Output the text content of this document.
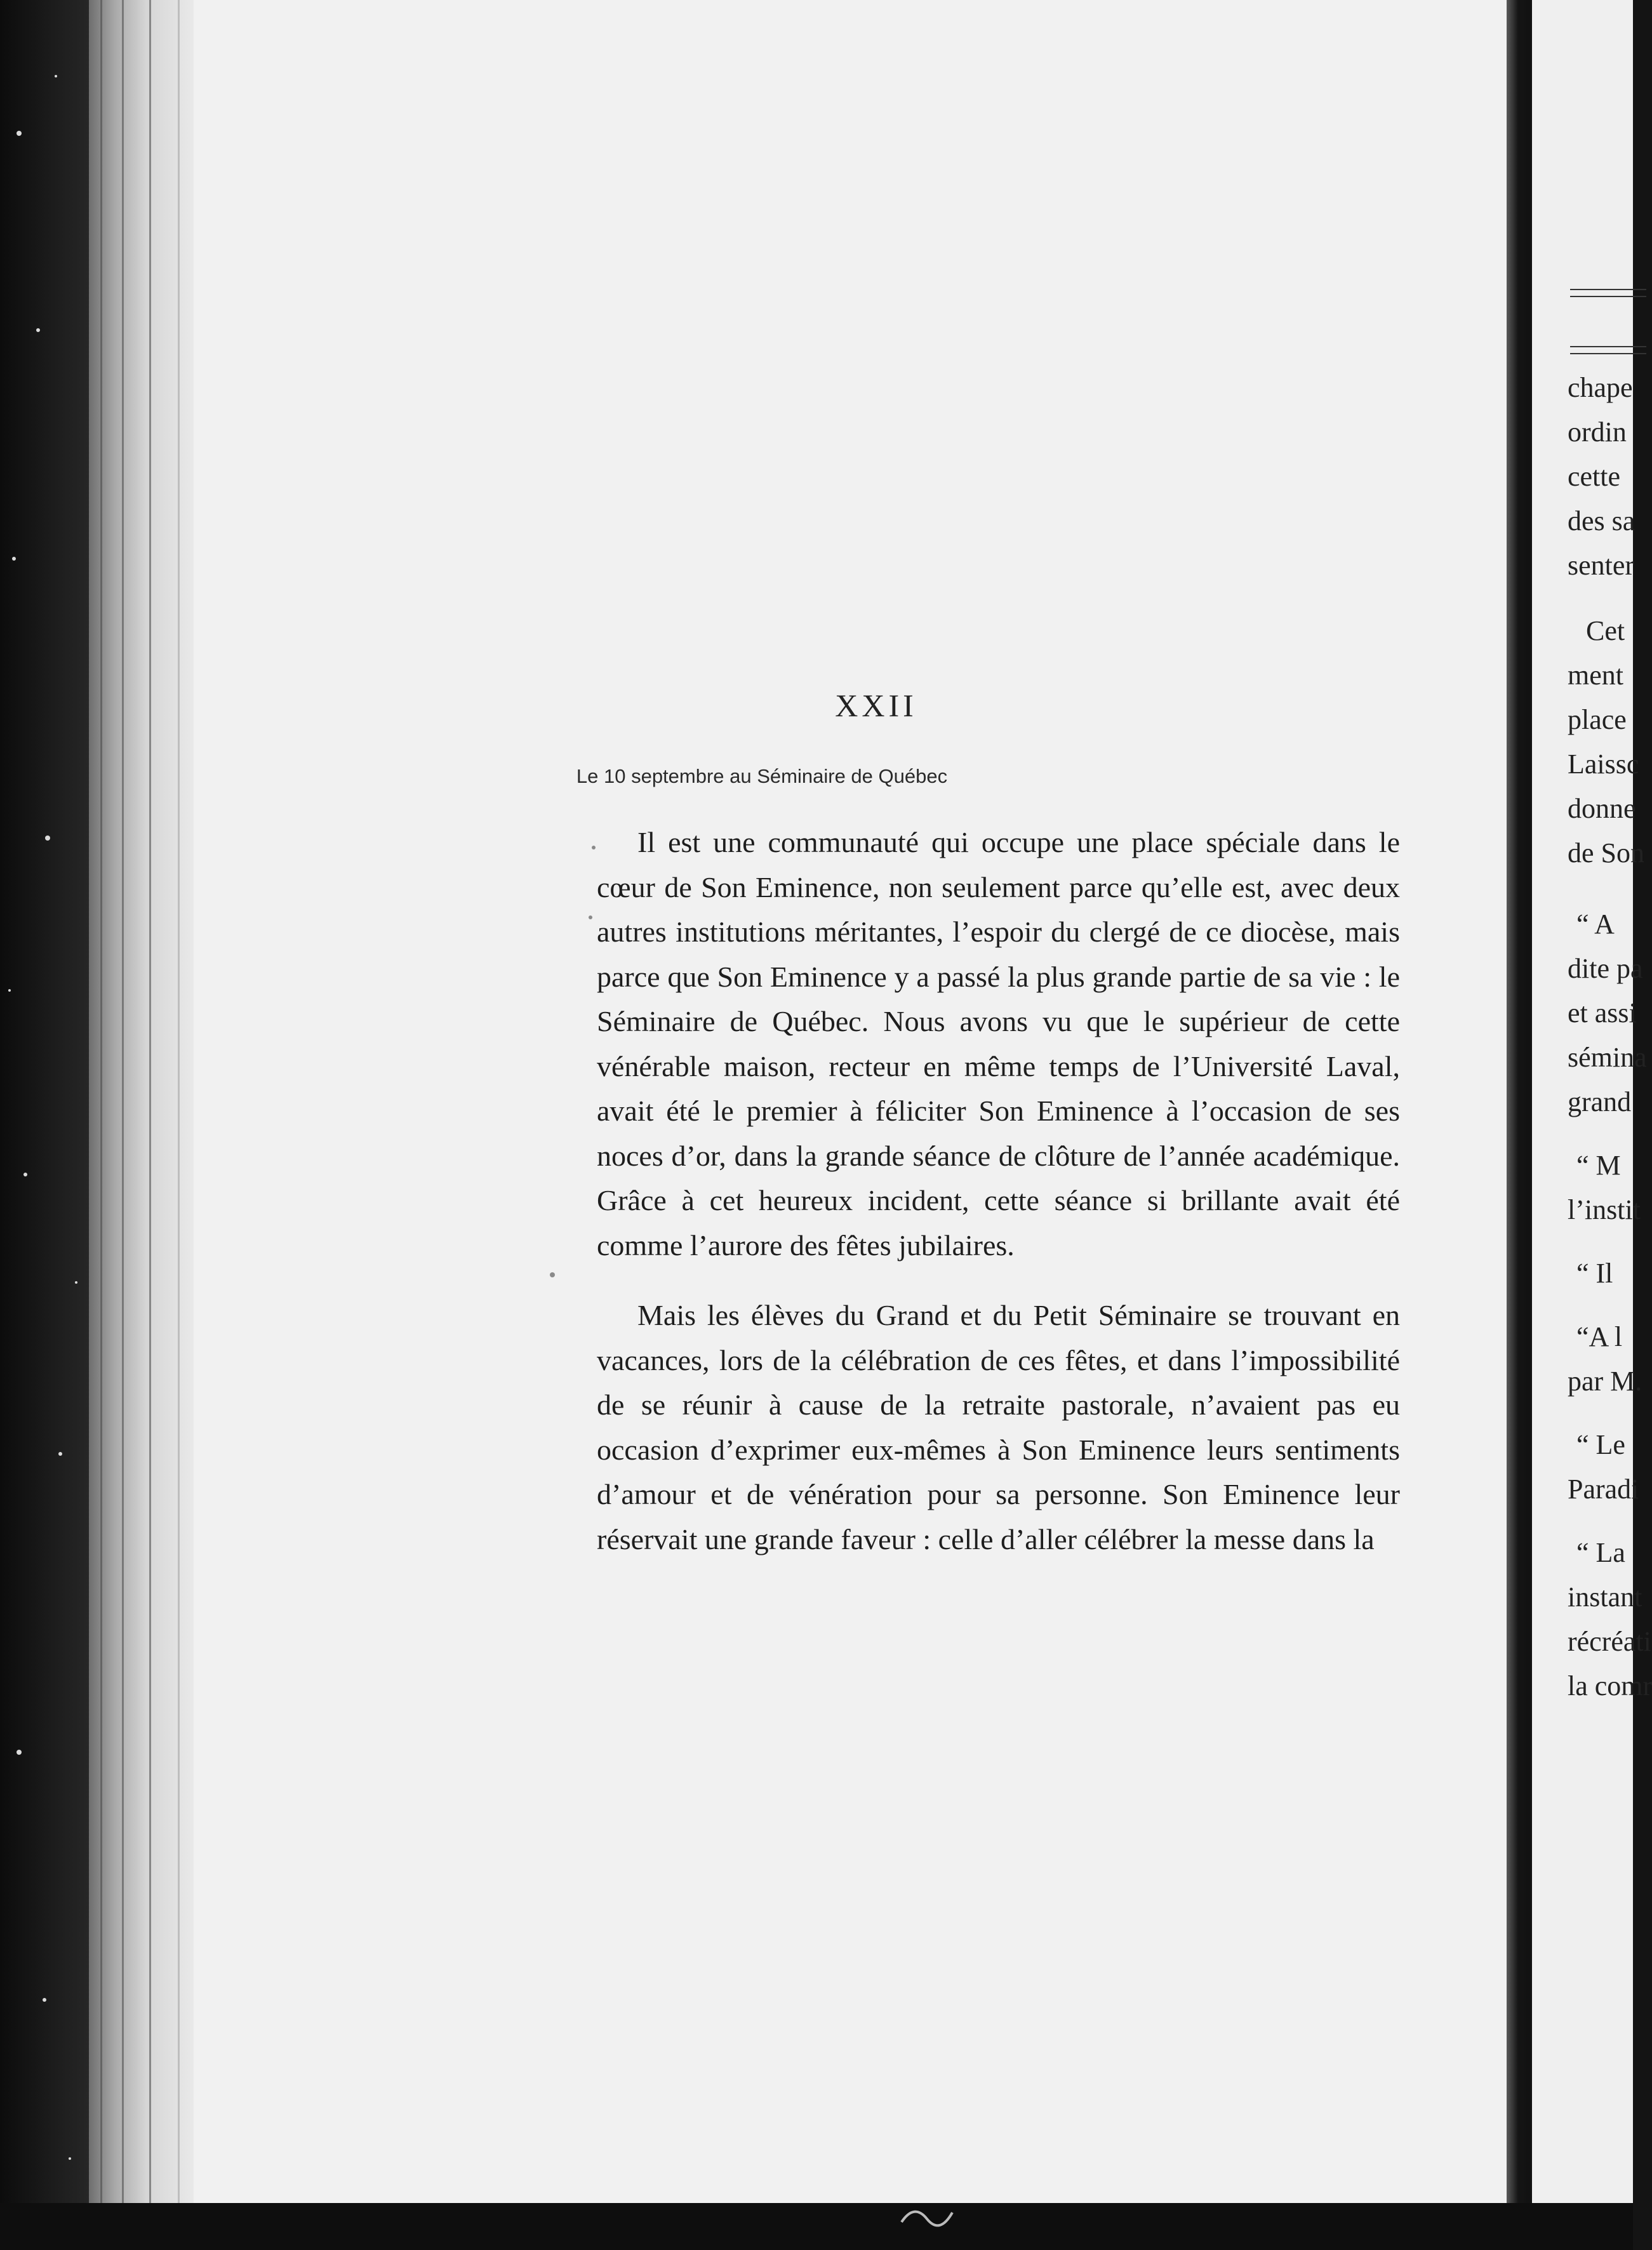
XXII
Le 10 septembre au Séminaire de Québec

Il est une communauté qui occupe une place spéciale dans le cœur de Son Eminence, non seulement parce qu’elle est, avec deux autres institutions méritantes, l’espoir du clergé de ce diocèse, mais parce que Son Eminence y a passé la plus grande partie de sa vie : le Séminaire de Québec. Nous avons vu que le supérieur de cette vénérable maison, recteur en même temps de l’Université Laval, avait été le premier à féliciter Son Eminence à l’occasion de ses noces d’or, dans la grande séance de clôture de l’année académique. Grâce à cet heureux incident, cette séance si brillante avait été comme l’aurore des fêtes jubilaires.

Mais les élèves du Grand et du Petit Séminaire se trouvant en vacances, lors de la célébration de ces fêtes, et dans l’impossibilité de se réunir à cause de la retraite pastorale, n’avaient pas eu occasion d’exprimer eux-mêmes à Son Eminence leurs sentiments d’amour et de vénération pour sa personne. Son Eminence leur réservait une grande faveur : celle d’aller célébrer la messe dans la

chape
ordin
cette
des sa
senter
Cet
ment
place
Laissc
donne
de Son
“ A
dite pa
et assi
sémina
grand
“ M
l’instit
“ Il
“A l
par M.
“ Le
Paradi
“ La
instant
récréati
la comr
